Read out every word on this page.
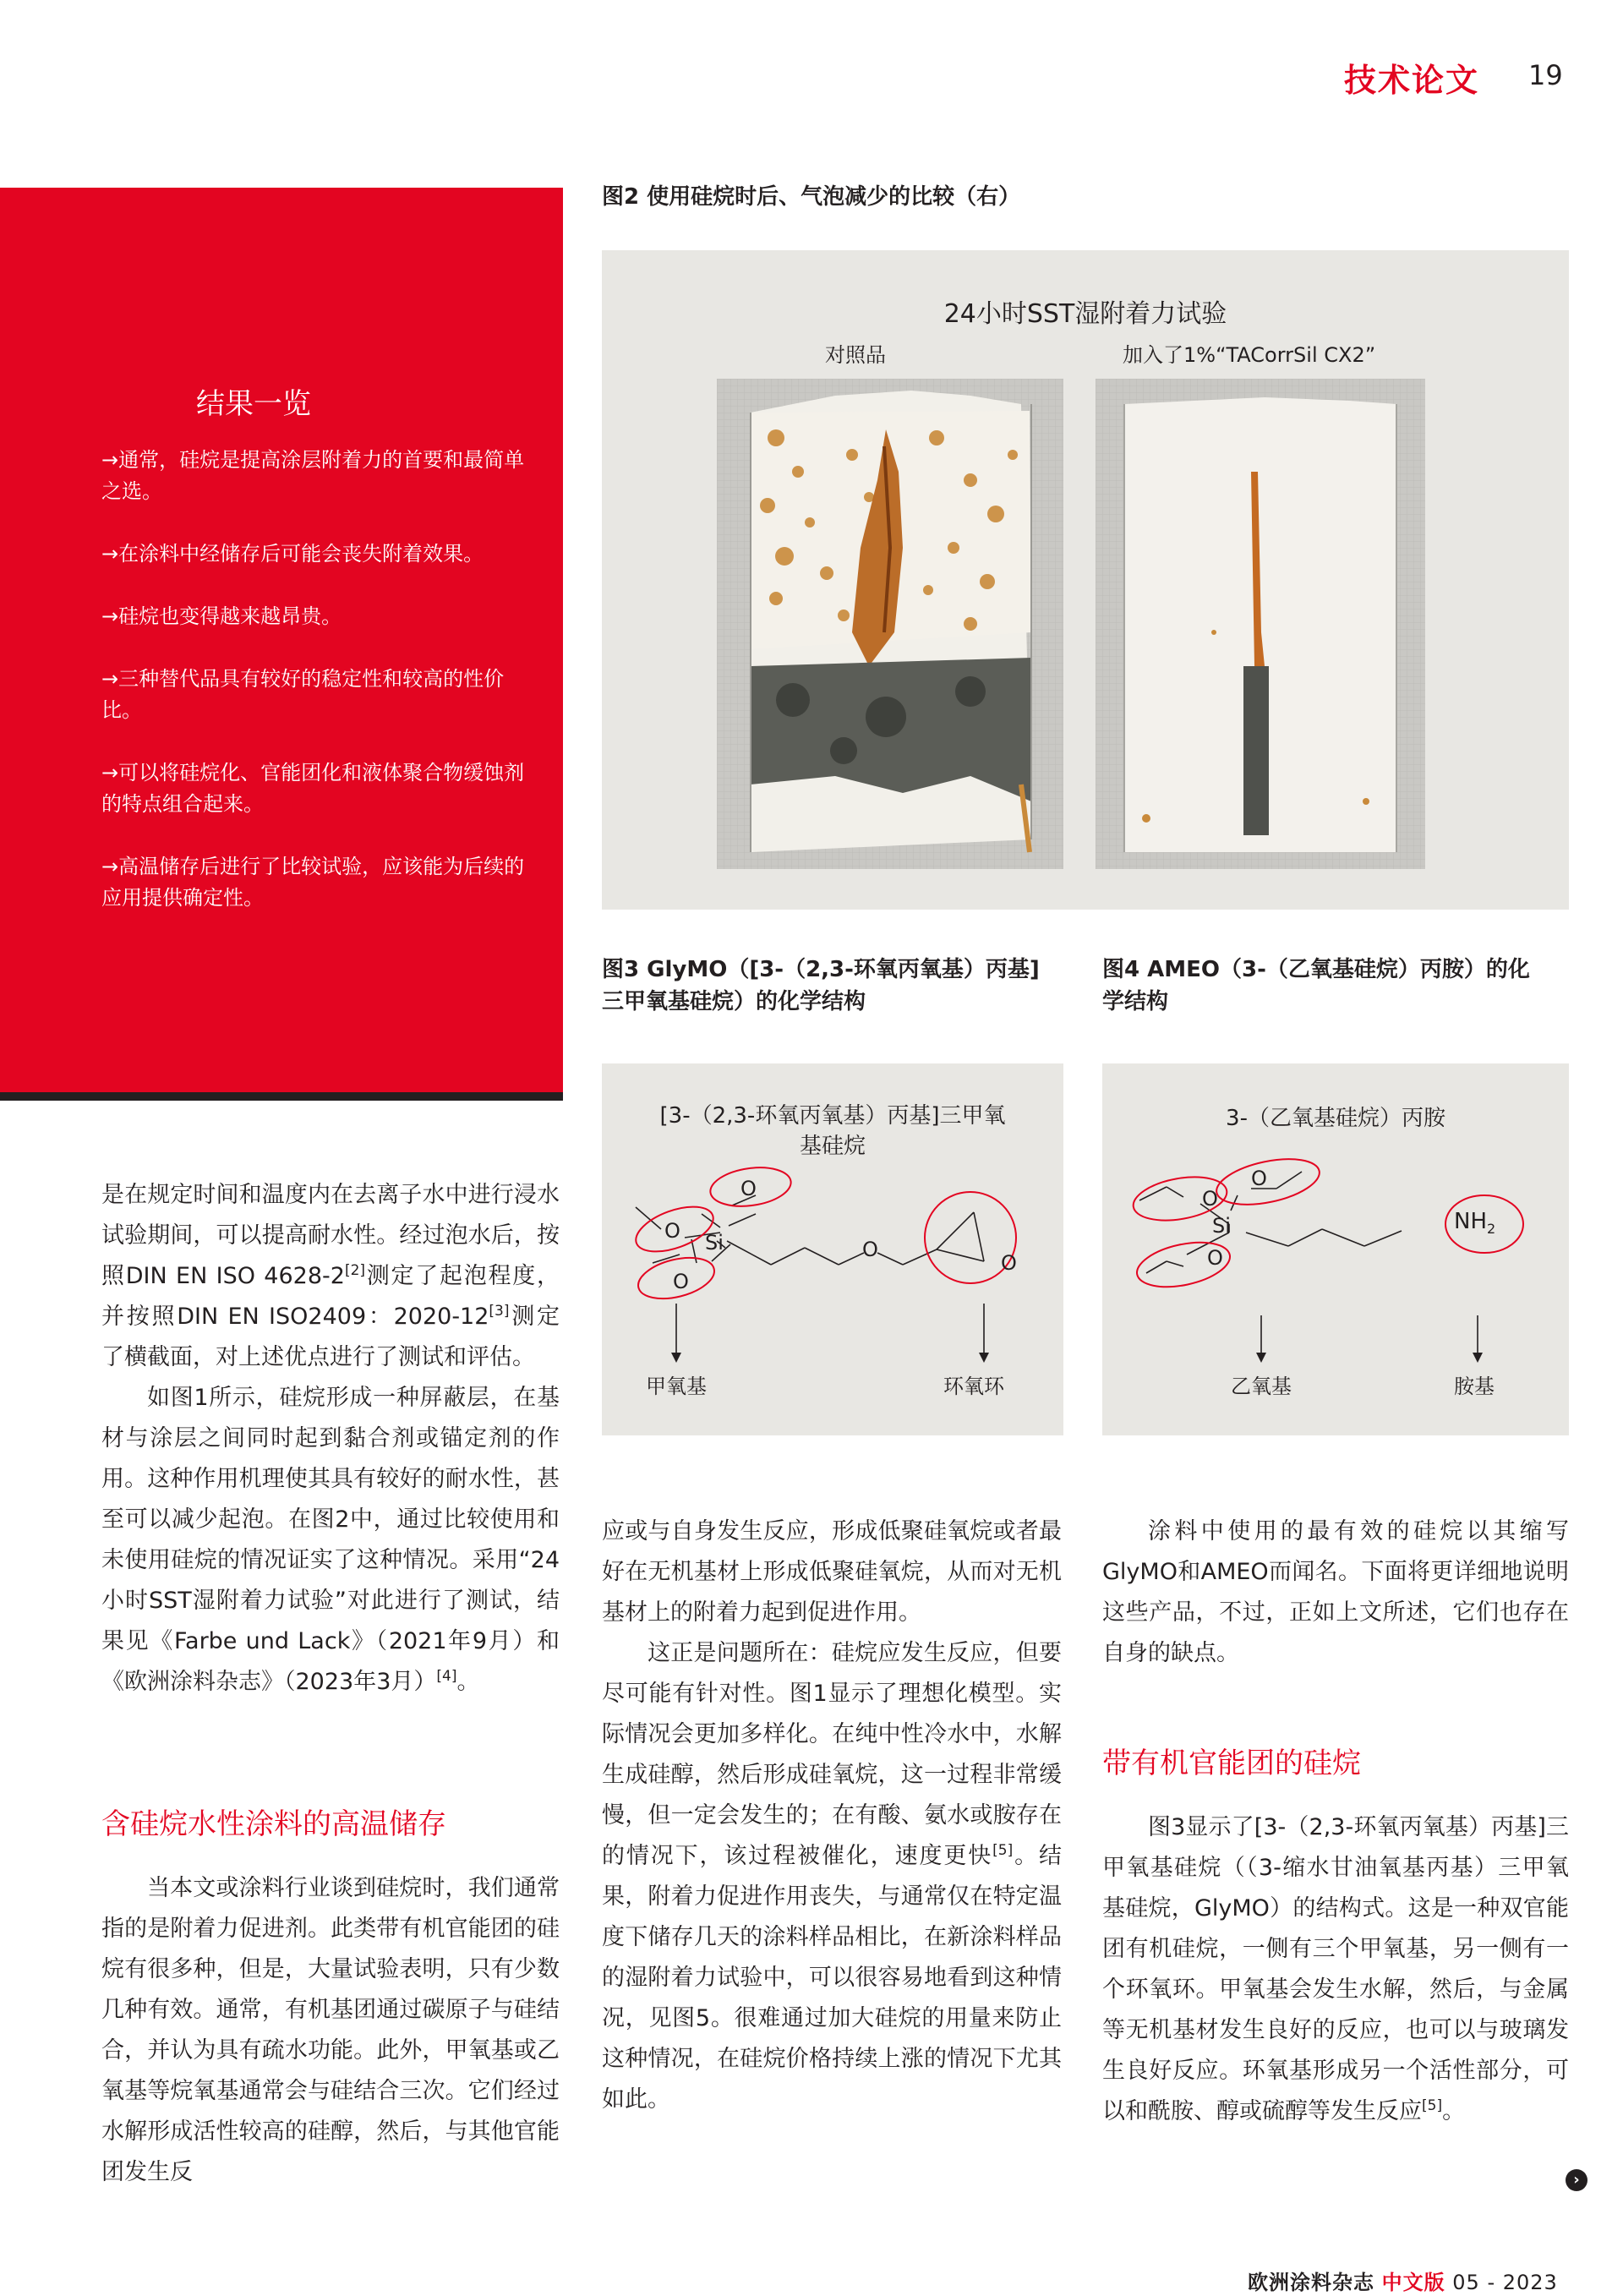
技术论文 19
结果一览
→通常，硅烷是提高涂层附着力的首要和最简单之选。
→在涂料中经储存后可能会丧失附着效果。
→硅烷也变得越来越昂贵。
→三种替代品具有较好的稳定性和较高的性价比。
→可以将硅烷化、官能团化和液体聚合物缓蚀剂的特点组合起来。
→高温储存后进行了比较试验，应该能为后续的应用提供确定性。
图2 使用硅烷时后、气泡减少的比较（右）
24小时SST湿附着力试验
对照品	加入了1%“TACorrSil CX2”
图3 GlyMO（[3-（2,3-环氧丙氧基）丙基]
三甲氧基硅烷）的化学结构
图4 AMEO（3-（乙氧基硅烷）丙胺）的化
学结构
[3-（2,3-环氧丙氧基）丙基]三甲氧
基硅烷
O
O
Si
O
O
O
甲氧基	环氧环
3-（乙氧基硅烷）丙胺
O
O
Si
O
$NH_2$
乙氧基	胺基

是在规定时间和温度内在去离子水中进行浸水试验期间，可以提高耐水性。经过泡水后，按照DIN EN ISO 4628-2[2]测定了起泡程度，并按照DIN EN ISO2409：2020-12[3]测定了横截面，对上述优点进行了测试和评估。

如图1所示，硅烷形成一种屏蔽层，在基材与涂层之间同时起到黏合剂或锚定剂的作用。这种作用机理使其具有较好的耐水性，甚至可以减少起泡。在图2中，通过比较使用和未使用硅烷的情况证实了这种情况。采用“24小时SST湿附着力试验”对此进行了测试，结果见《Farbe und Lack》（2021年9月）和《欧洲涂料杂志》（2023年3月）[4]。

含硅烷水性涂料的高温储存

当本文或涂料行业谈到硅烷时，我们通常指的是附着力促进剂。此类带有机官能团的硅烷有很多种，但是，大量试验表明，只有少数几种有效。通常，有机基团通过碳原子与硅结合，并认为具有疏水功能。此外，甲氧基或乙氧基等烷氧基通常会与硅结合三次。它们经过水解形成活性较高的硅醇，然后，与其他官能团发生反

应或与自身发生反应，形成低聚硅氧烷或者最好在无机基材上形成低聚硅氧烷，从而对无机基材上的附着力起到促进作用。

这正是问题所在：硅烷应发生反应，但要尽可能有针对性。图1显示了理想化模型。实际情况会更加多样化。在纯中性冷水中，水解生成硅醇，然后形成硅氧烷，这一过程非常缓慢，但一定会发生的；在有酸、氨水或胺存在的情况下，该过程被催化，速度更快[5]。结果，附着力促进作用丧失，与通常仅在特定温度下储存几天的涂料样品相比，在新涂料样品的湿附着力试验中，可以很容易地看到这种情况，见图5。很难通过加大硅烷的用量来防止这种情况，在硅烷价格持续上涨的情况下尤其如此。

涂料中使用的最有效的硅烷以其缩写GlyMO和AMEO而闻名。下面将更详细地说明这些产品，不过，正如上文所述，它们也存在自身的缺点。

带有机官能团的硅烷

图3显示了[3-（2,3-环氧丙氧基）丙基]三甲氧基硅烷（（3-缩水甘油氧基丙基）三甲氧基硅烷，GlyMO）的结构式。这是一种双官能团有机硅烷，一侧有三个甲氧基，另一侧有一个环氧环。甲氧基会发生水解，然后，与金属等无机基材发生良好的反应，也可以与玻璃发生良好反应。环氧基形成另一个活性部分，可以和酰胺、醇或硫醇等发生反应[5]。

›
欧洲涂料杂志 中文版 05 - 2023
